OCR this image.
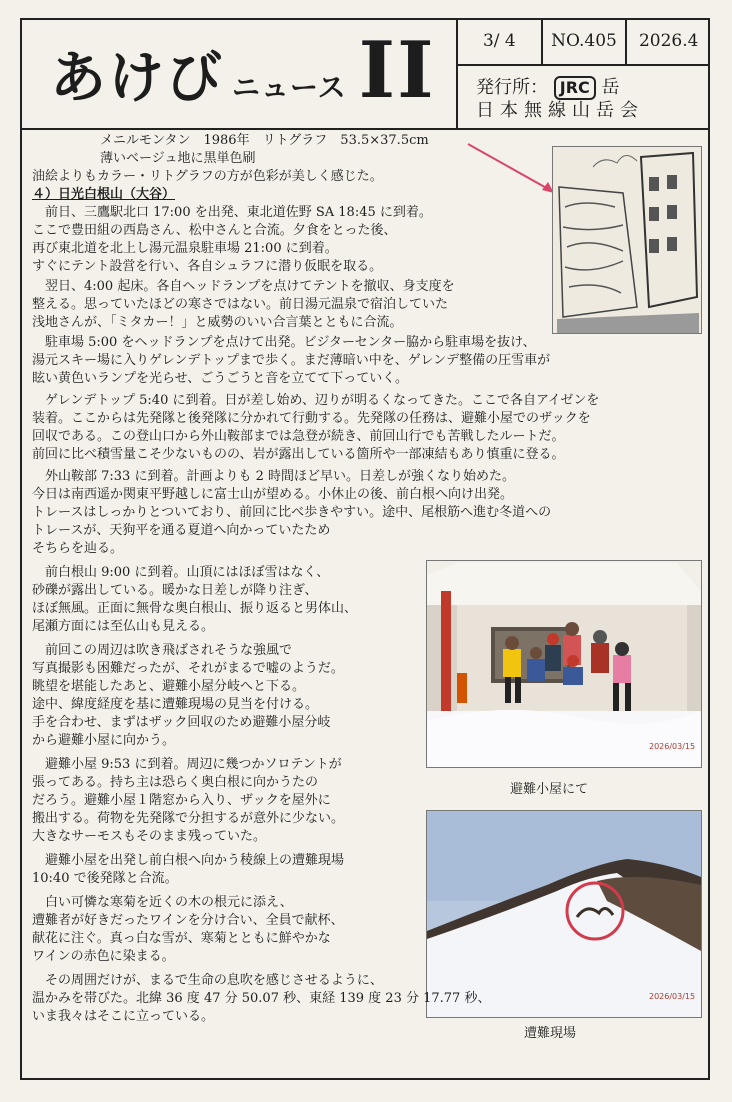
あけび ニュース II	3/ 4	NO.405	2026.4
発行所： JRC 岳
日本無線山岳会
2026/03/15
避難小屋にて
2026/03/15
遭難現場
メニルモンタン　1986年　リトグラフ　53.5×37.5cm
薄いベージュ地に黒単色刷
油絵よりもカラー・リトグラフの方が色彩が美しく感じた。
４）日光白根山（大谷）
　前日、三鷹駅北口 17:00 を出発、東北道佐野 SA 18:45 に到着。
ここで豊田組の西島さん、松中さんと合流。夕食をとった後、
再び東北道を北上し湯元温泉駐車場 21:00 に到着。
すぐにテント設営を行い、各自シュラフに潜り仮眠を取る。
　翌日、4:00 起床。各自ヘッドランプを点けてテントを撤収、身支度を
整える。思っていたほどの寒さではない。前日湯元温泉で宿泊していた
浅地さんが、「ミタカー！」と威勢のいい合言葉とともに合流。
　駐車場 5:00 をヘッドランプを点けて出発。ビジターセンター脇から駐車場を抜け、
湯元スキー場に入りゲレンデトップまで歩く。まだ薄暗い中を、ゲレンデ整備の圧雪車が
眩い黄色いランプを光らせ、ごうごうと音を立てて下っていく。
　ゲレンデトップ 5:40 に到着。日が差し始め、辺りが明るくなってきた。ここで各自アイゼンを
装着。ここからは先発隊と後発隊に分かれて行動する。先発隊の任務は、避難小屋でのザックを
回収である。この登山口から外山鞍部までは急登が続き、前回山行でも苦戦したルートだ。
前回に比べ積雪量こそ少ないものの、岩が露出している箇所や一部凍結もあり慎重に登る。
　外山鞍部 7:33 に到着。計画よりも 2 時間ほど早い。日差しが強くなり始めた。
今日は南西遥か関東平野越しに富士山が望める。小休止の後、前白根へ向け出発。
トレースはしっかりとついており、前回に比べ歩きやすい。途中、尾根筋へ進む冬道への
トレースが、天狗平を通る夏道へ向かっていたため
そちらを辿る。
　前白根山 9:00 に到着。山頂にはほぼ雪はなく、
砂礫が露出している。暖かな日差しが降り注ぎ、
ほぼ無風。正面に無骨な奥白根山、振り返ると男体山、
尾瀬方面には至仏山も見える。
　前回この周辺は吹き飛ばされそうな強風で
写真撮影も困難だったが、それがまるで嘘のようだ。
眺望を堪能したあと、避難小屋分岐へと下る。
途中、緯度経度を基に遭難現場の見当を付ける。
手を合わせ、まずはザック回収のため避難小屋分岐
から避難小屋に向かう。
　避難小屋 9:53 に到着。周辺に幾つかソロテントが
張ってある。持ち主は恐らく奥白根に向かうたの
だろう。避難小屋１階窓から入り、ザックを屋外に
搬出する。荷物を先発隊で分担するが意外に少ない。
大きなサーモスもそのまま残っていた。
　避難小屋を出発し前白根へ向かう稜線上の遭難現場
10:40 で後発隊と合流。
　白い可憐な寒菊を近くの木の根元に添え、
遭難者が好きだったワインを分け合い、全員で献杯、
献花に注ぐ。真っ白な雪が、寒菊とともに鮮やかな
ワインの赤色に染まる。
　その周囲だけが、まるで生命の息吹を感じさせるように、
温かみを帯びた。北緯 36 度 47 分 50.07 秒、東経 139 度 23 分 17.77 秒、
いま我々はそこに立っている。
